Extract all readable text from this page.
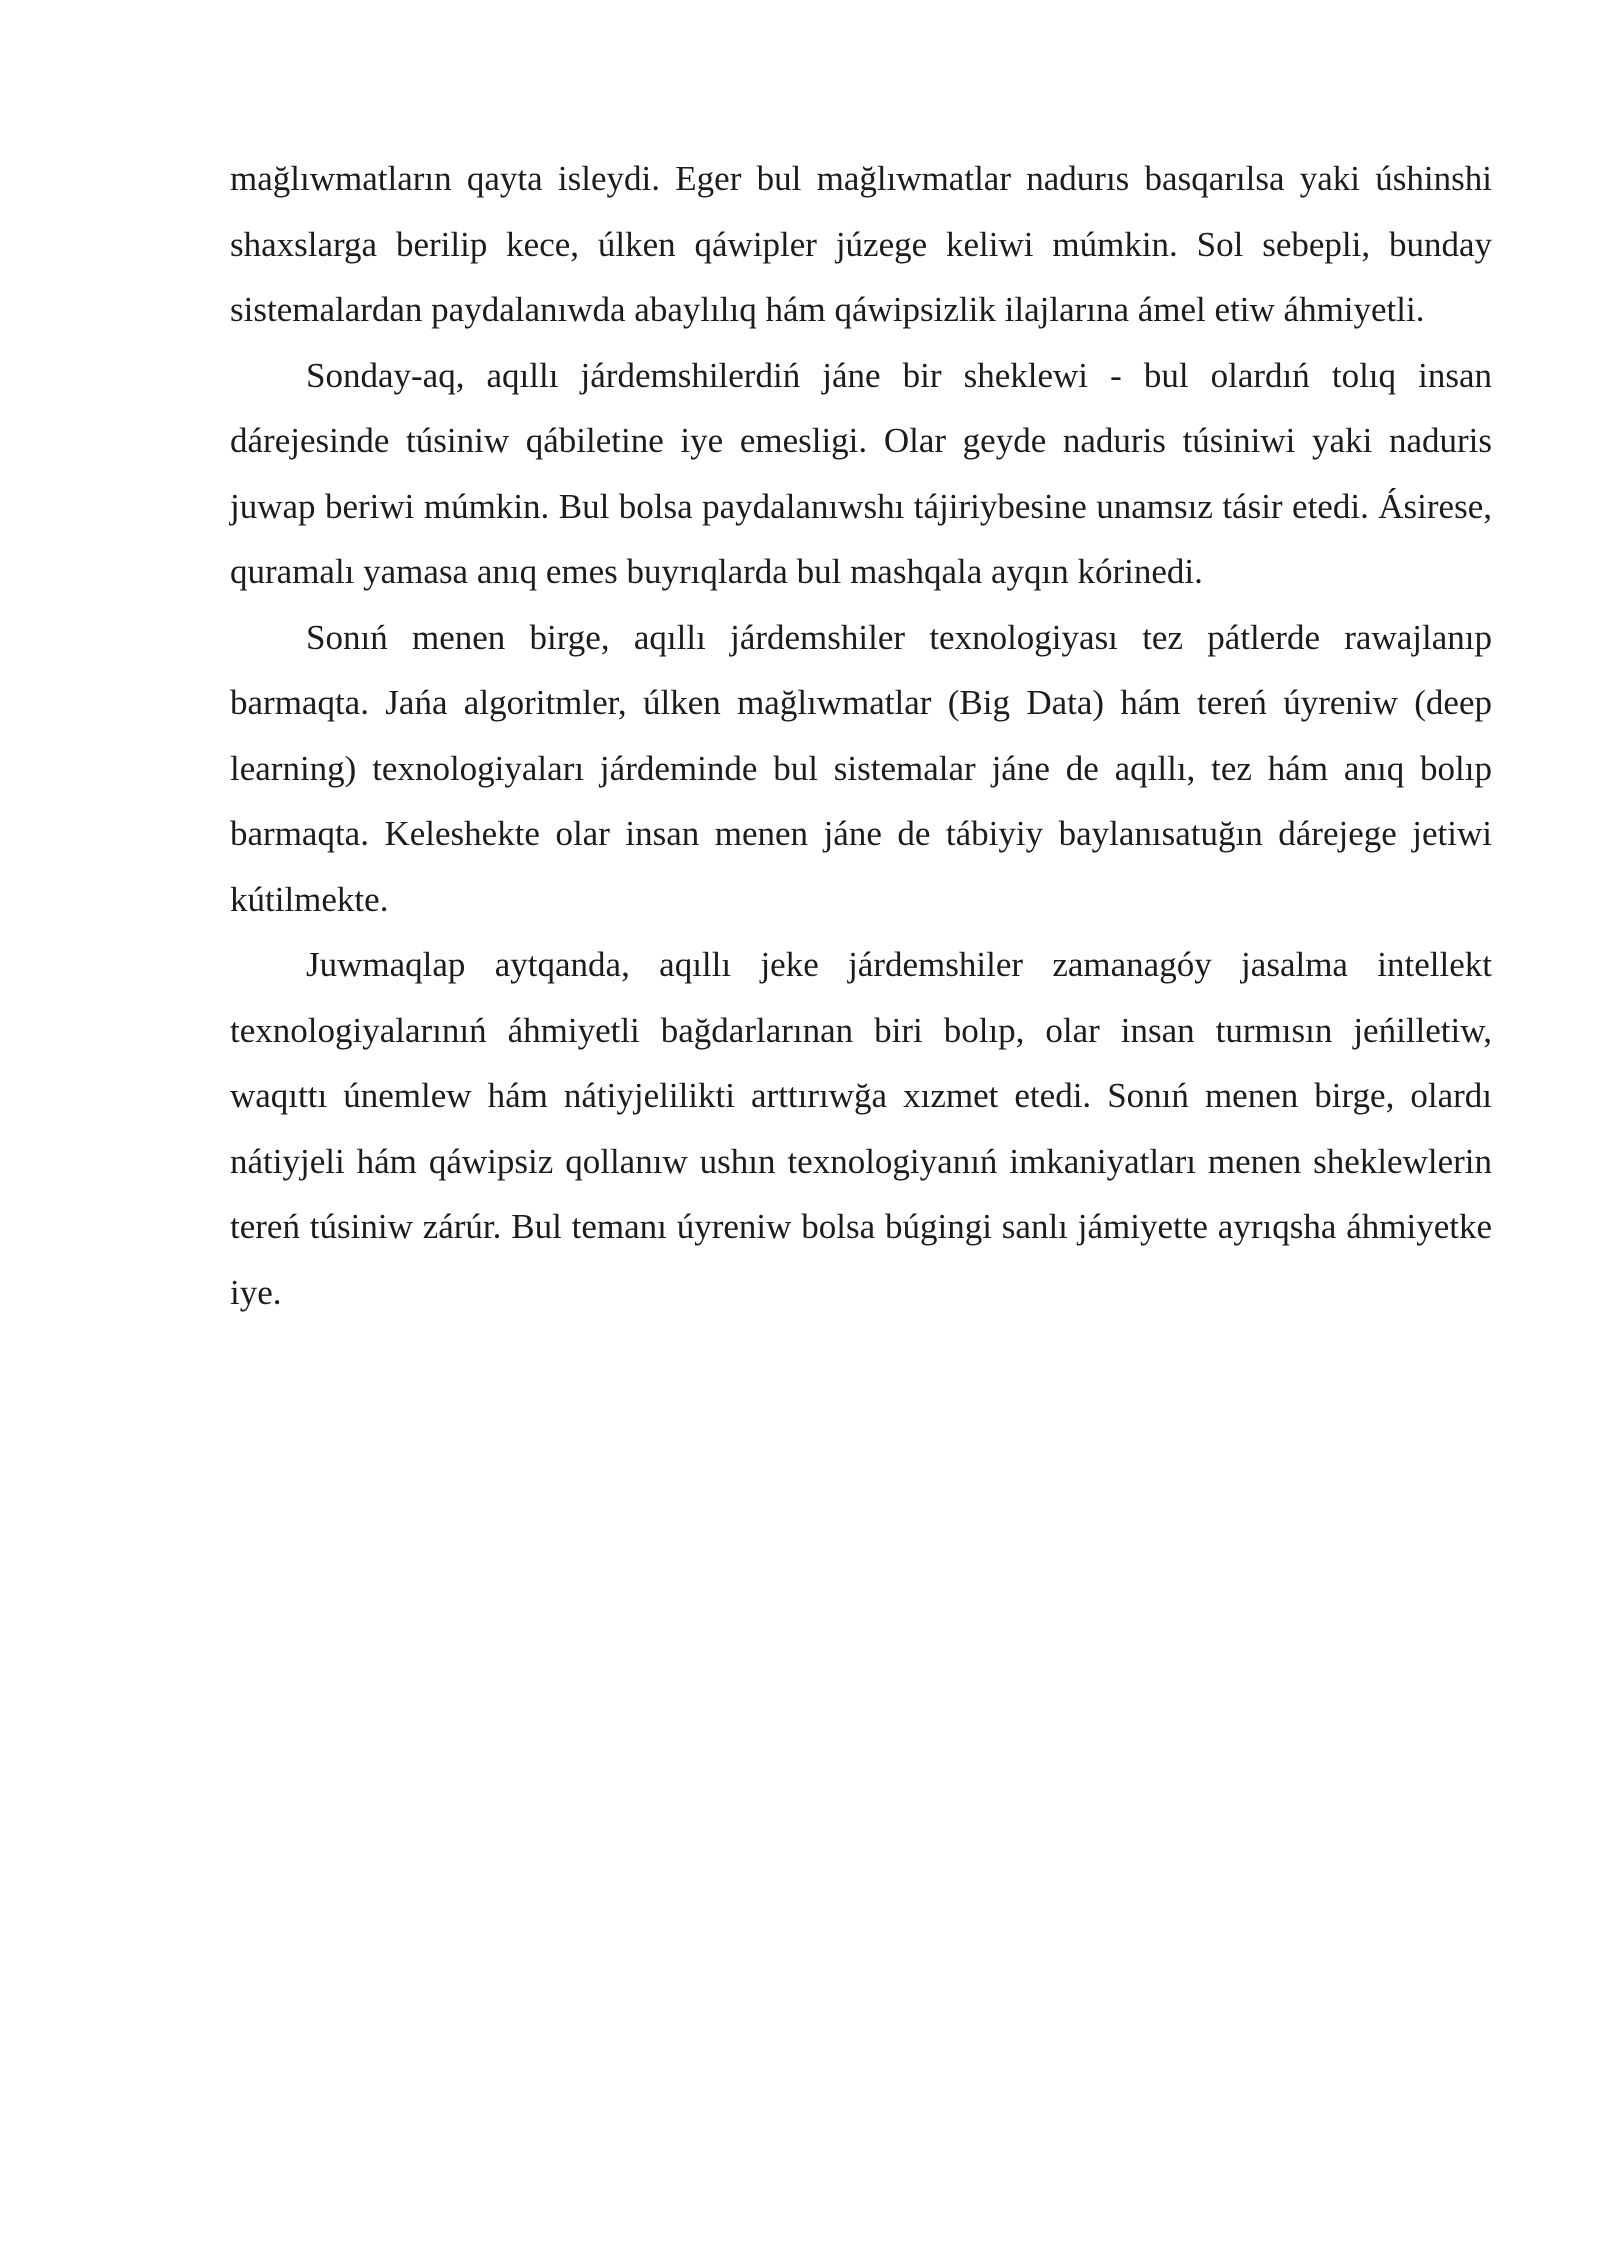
mağlıwmatların qayta isleydi. Eger bul mağlıwmatlar nadurıs basqarılsa yaki úshinshi shaxslarga berilip kece, úlken qáwipler júzege keliwi múmkin. Sol sebepli, bunday sistemalardan paydalanıwda abaylılıq hám qáwipsizlik ilajlarına ámel etiw áhmiyetli.

Sonday-aq, aqıllı járdemshilerdiń jáne bir sheklewi - bul olardıń tolıq insan dárejesinde túsiniw qábiletine iye emesligi. Olar geyde naduris túsiniwi yaki naduris juwap beriwi múmkin. Bul bolsa paydalanıwshı tájiriybesine unamsız tásir etedi. Ásirese, quramalı yamasa anıq emes buyrıqlarda bul mashqala ayqın kórinedi.

Sonıń menen birge, aqıllı járdemshiler texnologiyası tez pátlerde rawajlanıp barmaqta. Jańa algoritmler, úlken mağlıwmatlar (Big Data) hám tereń úyreniw (deep learning) texnologiyaları járdeminde bul sistemalar jáne de aqıllı, tez hám anıq bolıp barmaqta. Keleshekte olar insan menen jáne de tábiyiy baylanısatuğın dárejege jetiwi kútilmekte.

Juwmaqlap aytqanda, aqıllı jeke járdemshiler zamanagóy jasalma intellekt texnologiyalarınıń áhmiyetli bağdarlarınan biri bolıp, olar insan turmısın jeńilletiw, waqıttı únemlew hám nátiyjelilikti arttırıwğa xızmet etedi. Sonıń menen birge, olardı nátiyjeli hám qáwipsiz qollanıw ushın texnologiyanıń imkaniyatları menen sheklewlerin tereń túsiniw zárúr. Bul temanı úyreniw bolsa búgingi sanlı jámiyette ayrıqsha áhmiyetke iye.
